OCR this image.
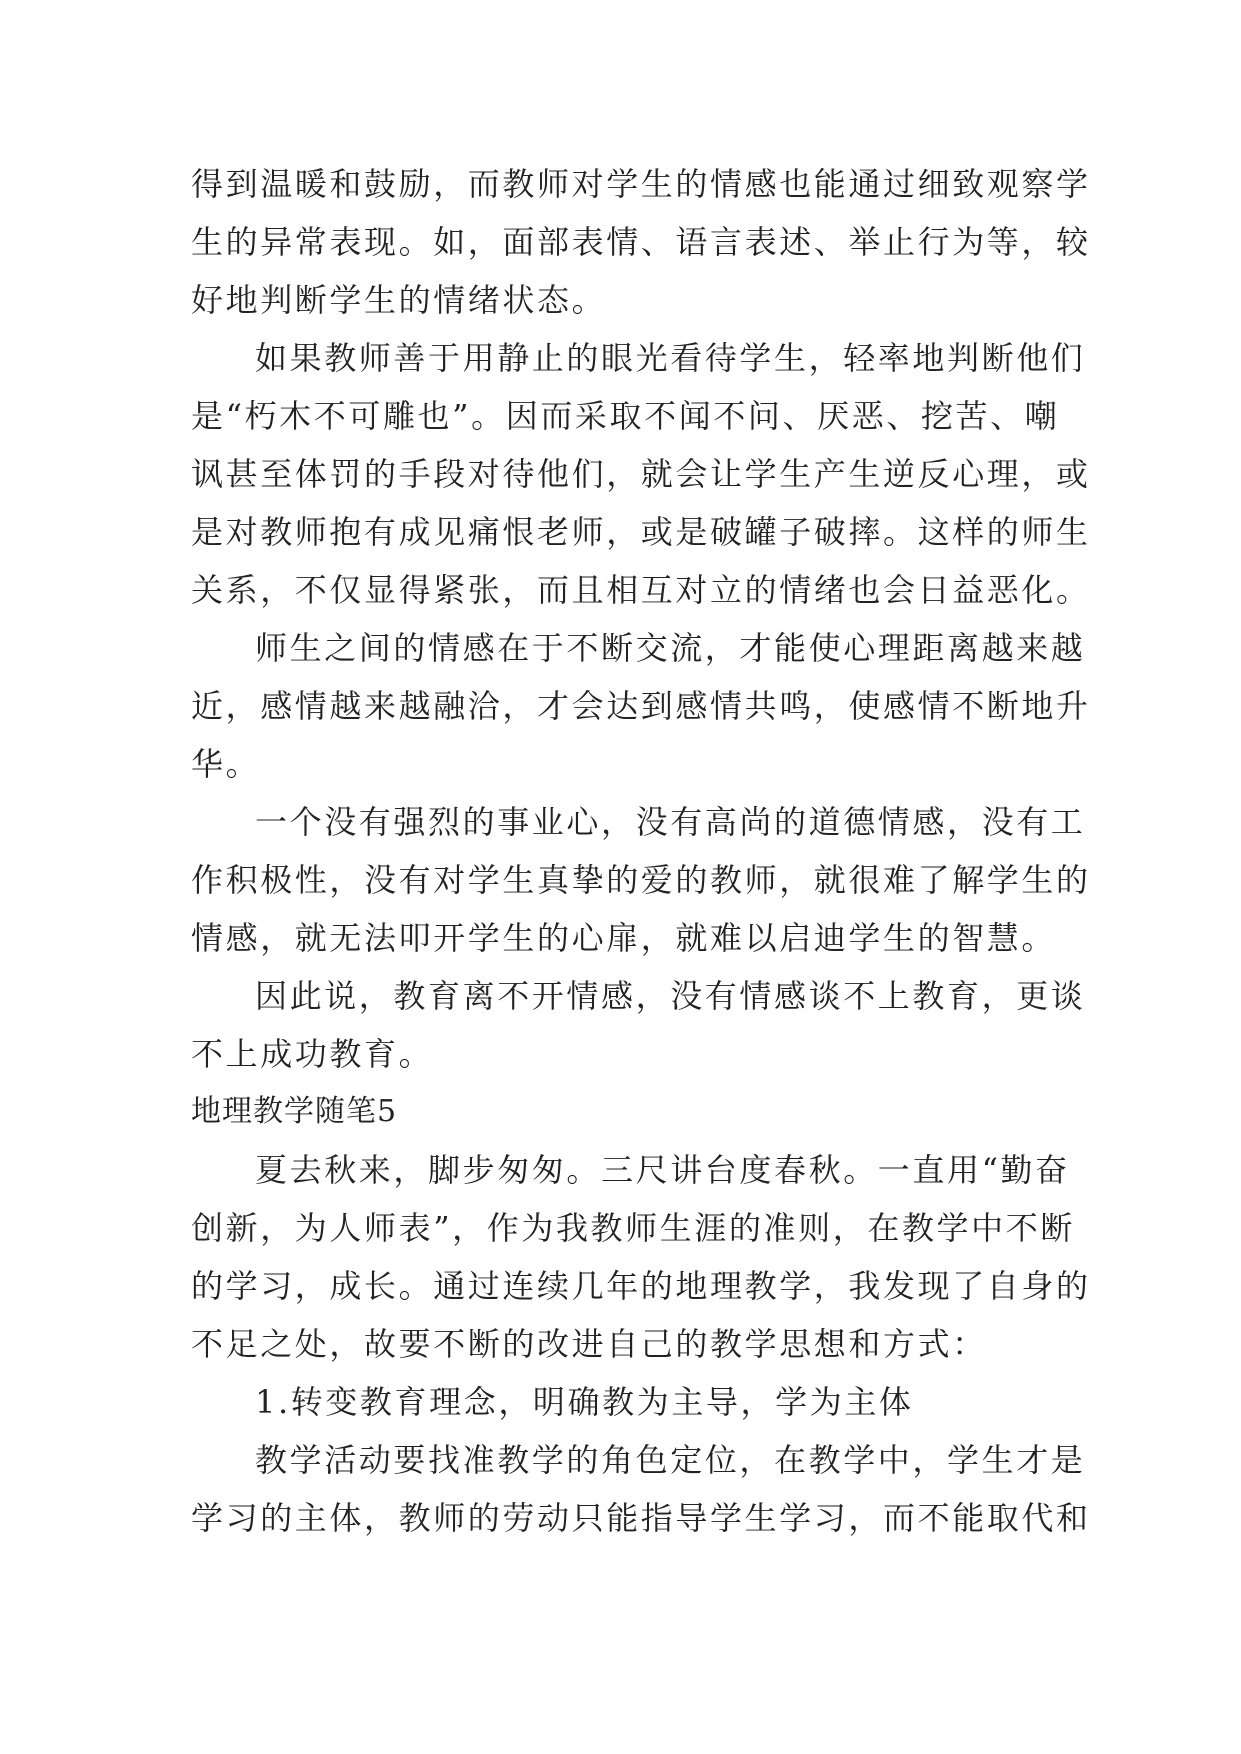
得到温暖和鼓励，而教师对学生的情感也能通过细致观察学
生的异常表现。如，面部表情、语言表述、举止行为等，较
好地判断学生的情绪状态。
如果教师善于用静止的眼光看待学生，轻率地判断他们
是“朽木不可雕也”。因而采取不闻不问、厌恶、挖苦、嘲
讽甚至体罚的手段对待他们，就会让学生产生逆反心理，或
是对教师抱有成见痛恨老师，或是破罐子破摔。这样的师生
关系，不仅显得紧张，而且相互对立的情绪也会日益恶化。
师生之间的情感在于不断交流，才能使心理距离越来越
近，感情越来越融洽，才会达到感情共鸣，使感情不断地升
华。
一个没有强烈的事业心，没有高尚的道德情感，没有工
作积极性，没有对学生真挚的爱的教师，就很难了解学生的
情感，就无法叩开学生的心扉，就难以启迪学生的智慧。
因此说，教育离不开情感，没有情感谈不上教育，更谈
不上成功教育。
地理教学随笔5
夏去秋来，脚步匆匆。三尺讲台度春秋。一直用“勤奋
创新，为人师表”，作为我教师生涯的准则，在教学中不断
的学习，成长。通过连续几年的地理教学，我发现了自身的
不足之处，故要不断的改进自己的教学思想和方式：
1.转变教育理念，明确教为主导，学为主体
教学活动要找准教学的角色定位，在教学中，学生才是
学习的主体，教师的劳动只能指导学生学习，而不能取代和
